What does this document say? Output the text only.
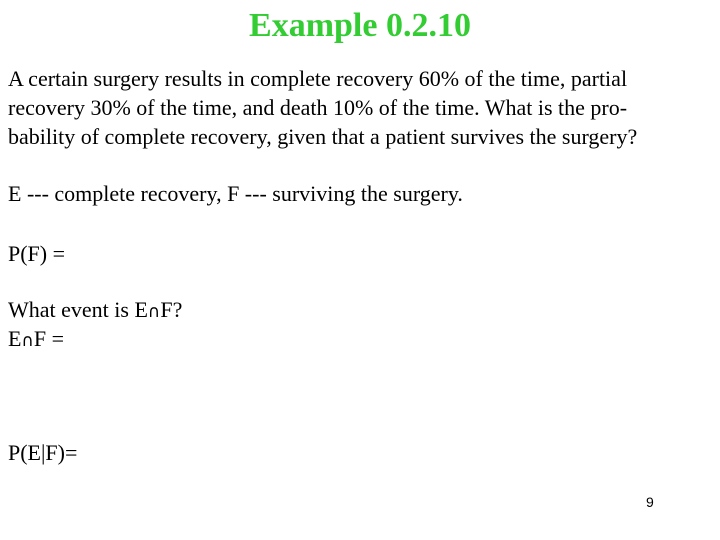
Example 0.2.10
A certain surgery results in complete recovery 60% of the time, partial
recovery 30% of the time, and death 10% of the time. What is the pro-
bability of complete recovery, given that a patient survives the surgery?
E --- complete recovery, F --- surviving the surgery.
P(F) =
What event is E∩F?
E∩F =
P(E|F)=
9
